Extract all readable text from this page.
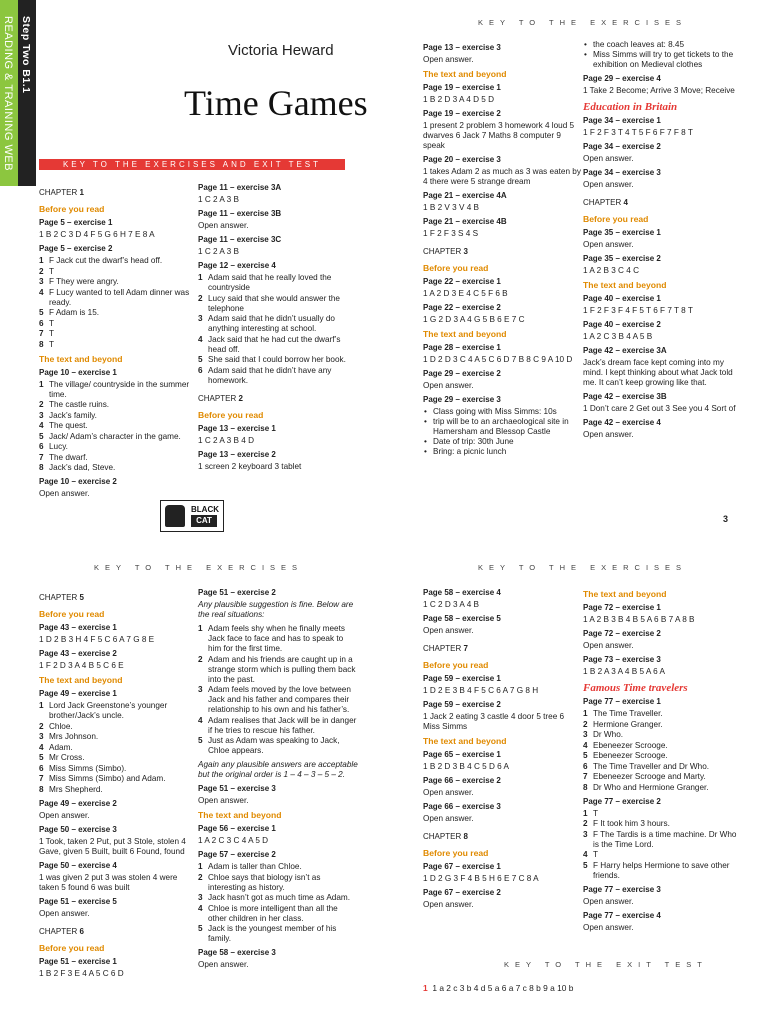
READING & TRAINING WEB Step Two B1.1	Victoria Heward
Time Games
KEY TO THE EXERCISES AND EXIT TEST
KEY TO THE EXERCISES
KEY TO THE EXERCISES	KEY TO THE EXERCISES
3
BLACK
CAT
CHAPTER 1
Before you read
Page 5 – exercise 1
1 B 2 C 3 D 4 F 5 G 6 H 7 E 8 A
Page 5 – exercise 2
1 F Jack cut the dwarf’s head off.
2 T
3 F They were angry.
4 F Lucy wanted to tell Adam dinner was ready.
5 F Adam is 15.
6 T
7 T
8 T
The text and beyond
Page 10 – exercise 1
1 The village/ countryside in the summer time.
2 The castle ruins.
3 Jack’s family.
4 The quest.
5 Jack/ Adam’s character in the game.
6 Lucy.
7 The dwarf.
8 Jack’s dad, Steve.
Page 10 – exercise 2
Open answer.
Page 11 – exercise 3A
1 C 2 A 3 B
Page 11 – exercise 3B
Open answer.
Page 11 – exercise 3C
1 C 2 A 3 B
Page 12 – exercise 4
1 Adam said that he really loved the countryside
2 Lucy said that she would answer the telephone
3 Adam said that he didn’t usually do anything interesting at school.
4 Jack said that he had cut the dwarf’s head off.
5 She said that I could borrow her book.
6 Adam said that he didn’t have any homework.
CHAPTER 2
Before you read
Page 13 – exercise 1
1 C 2 A 3 B 4 D
Page 13 – exercise 2
1 screen 2 keyboard 3 tablet
Page 13 – exercise 3
Open answer.
The text and beyond
Page 19 – exercise 1
1 B 2 D 3 A 4 D 5 D
Page 19 – exercise 2
1 present 2 problem 3 homework 4 loud 5 dwarves 6 Jack 7 Maths 8 computer 9 speak
Page 20 – exercise 3
1 takes Adam 2 as much as 3 was eaten by 4 there were 5 strange dream
Page 21 – exercise 4A
1 B 2 V 3 V 4 B
Page 21 – exercise 4B
1 F 2 F 3 S 4 S
CHAPTER 3
Before you read
Page 22 – exercise 1
1 A 2 D 3 E 4 C 5 F 6 B
Page 22 – exercise 2
1 G 2 D 3 A 4 G 5 B 6 E 7 C
The text and beyond
Page 28 – exercise 1
1 D 2 D 3 C 4 A 5 C 6 D 7 B 8 C 9 A 10 D
Page 29 – exercise 2
Open answer.
Page 29 – exercise 3
• Class going with Miss Simms: 10s
• trip will be to an archaeological site in Hamersham and Blessop Castle
• Date of trip: 30th June
• Bring: a picnic lunch
• the coach leaves at: 8.45
• Miss Simms will try to get tickets to the exhibition on Medieval clothes
Page 29 – exercise 4
1 Take 2 Become; Arrive 3 Move; Receive
Education in Britain
Page 34 – exercise 1
1 F 2 F 3 T 4 T 5 F 6 F 7 F 8 T
Page 34 – exercise 2
Open answer.
Page 34 – exercise 3
Open answer.
CHAPTER 4
Before you read
Page 35 – exercise 1
Open answer.
Page 35 – exercise 2
1 A 2 B 3 C 4 C
The text and beyond
Page 40 – exercise 1
1 F 2 F 3 F 4 F 5 T 6 F 7 T 8 T
Page 40 – exercise 2
1 A 2 C 3 B 4 A 5 B
Page 42 – exercise 3A
Jack’s dream face kept coming into my mind. I kept thinking about what Jack told me. It can’t keep growing like that.
Page 42 – exercise 3B
1 Don’t care 2 Get out 3 See you 4 Sort of
Page 42 – exercise 4
Open answer.
CHAPTER 5
Before you read
Page 43 – exercise 1
1 D 2 B 3 H 4 F 5 C 6 A 7 G 8 E
Page 43 – exercise 2
1 F 2 D 3 A 4 B 5 C 6 E
The text and beyond
Page 49 – exercise 1
1 Lord Jack Greenstone’s younger brother/Jack’s uncle.
2 Chloe.
3 Mrs Johnson.
4 Adam.
5 Mr Cross.
6 Miss Simms (Simbo).
7 Miss Simms (Simbo) and Adam.
8 Mrs Shepherd.
Page 49 – exercise 2
Open answer.
Page 50 – exercise 3
1 Took, taken 2 Put, put 3 Stole, stolen 4 Gave, given 5 Built, built 6 Found, found
Page 50 – exercise 4
1 was given 2 put 3 was stolen 4 were taken 5 found 6 was built
Page 51 – exercise 5
Open answer.
CHAPTER 6
Before you read
Page 51 – exercise 1
1 B 2 F 3 E 4 A 5 C 6 D
Page 51 – exercise 2
Any plausible suggestion is fine. Below are the real situations:
1 Adam feels shy when he finally meets Jack face to face and has to speak to him for the first time.
2 Adam and his friends are caught up in a strange storm which is pulling them back into the past.
3 Adam feels moved by the love between Jack and his father and compares their relationship to his own and his father’s.
4 Adam realises that Jack will be in danger if he tries to rescue his father.
5 Just as Adam was speaking to Jack, Chloe appears.
Again any plausible answers are acceptable but the original order is 1 – 4 – 3 – 5 – 2.
Page 51 – exercise 3
Open answer.
The text and beyond
Page 56 – exercise 1
1 A 2 C 3 C 4 A 5 D
Page 57 – exercise 2
1 Adam is taller than Chloe.
2 Chloe says that biology isn’t as interesting as history.
3 Jack hasn’t got as much time as Adam.
4 Chloe is more intelligent than all the other children in her class.
5 Jack is the youngest member of his family.
Page 58 – exercise 3
Open answer.
Page 58 – exercise 4
1 C 2 D 3 A 4 B
Page 58 – exercise 5
Open answer.
CHAPTER 7
Before you read
Page 59 – exercise 1
1 D 2 E 3 B 4 F 5 C 6 A 7 G 8 H
Page 59 – exercise 2
1 Jack 2 eating 3 castle 4 door 5 tree 6 Miss Simms
The text and beyond
Page 65 – exercise 1
1 B 2 D 3 B 4 C 5 D 6 A
Page 66 – exercise 2
Open answer.
Page 66 – exercise 3
Open answer.
CHAPTER 8
Before you read
Page 67 – exercise 1
1 D 2 G 3 F 4 B 5 H 6 E 7 C 8 A
Page 67 – exercise 2
Open answer.
The text and beyond
Page 72 – exercise 1
1 A 2 B 3 B 4 B 5 A 6 B 7 A 8 B
Page 72 – exercise 2
Open answer.
Page 73 – exercise 3
1 B 2 A 3 A 4 B 5 A 6 A
Famous Time travelers
Page 77 – exercise 1
1 The Time Traveller.
2 Hermione Granger.
3 Dr Who.
4 Ebeneezer Scrooge.
5 Ebeneezer Scrooge.
6 The Time Traveller and Dr Who.
7 Ebeneezer Scrooge and Marty.
8 Dr Who and Hermione Granger.
Page 77 – exercise 2
1 T
2 F It took him 3 hours.
3 F The Tardis is a time machine. Dr Who is the Time Lord.
4 T
5 F Harry helps Hermione to save other friends.
Page 77 – exercise 3
Open answer.
Page 77 – exercise 4
Open answer.
KEY TO THE EXIT TEST
1 1 a 2 c 3 b 4 d 5 a 6 a 7 c 8 b 9 a 10 b
